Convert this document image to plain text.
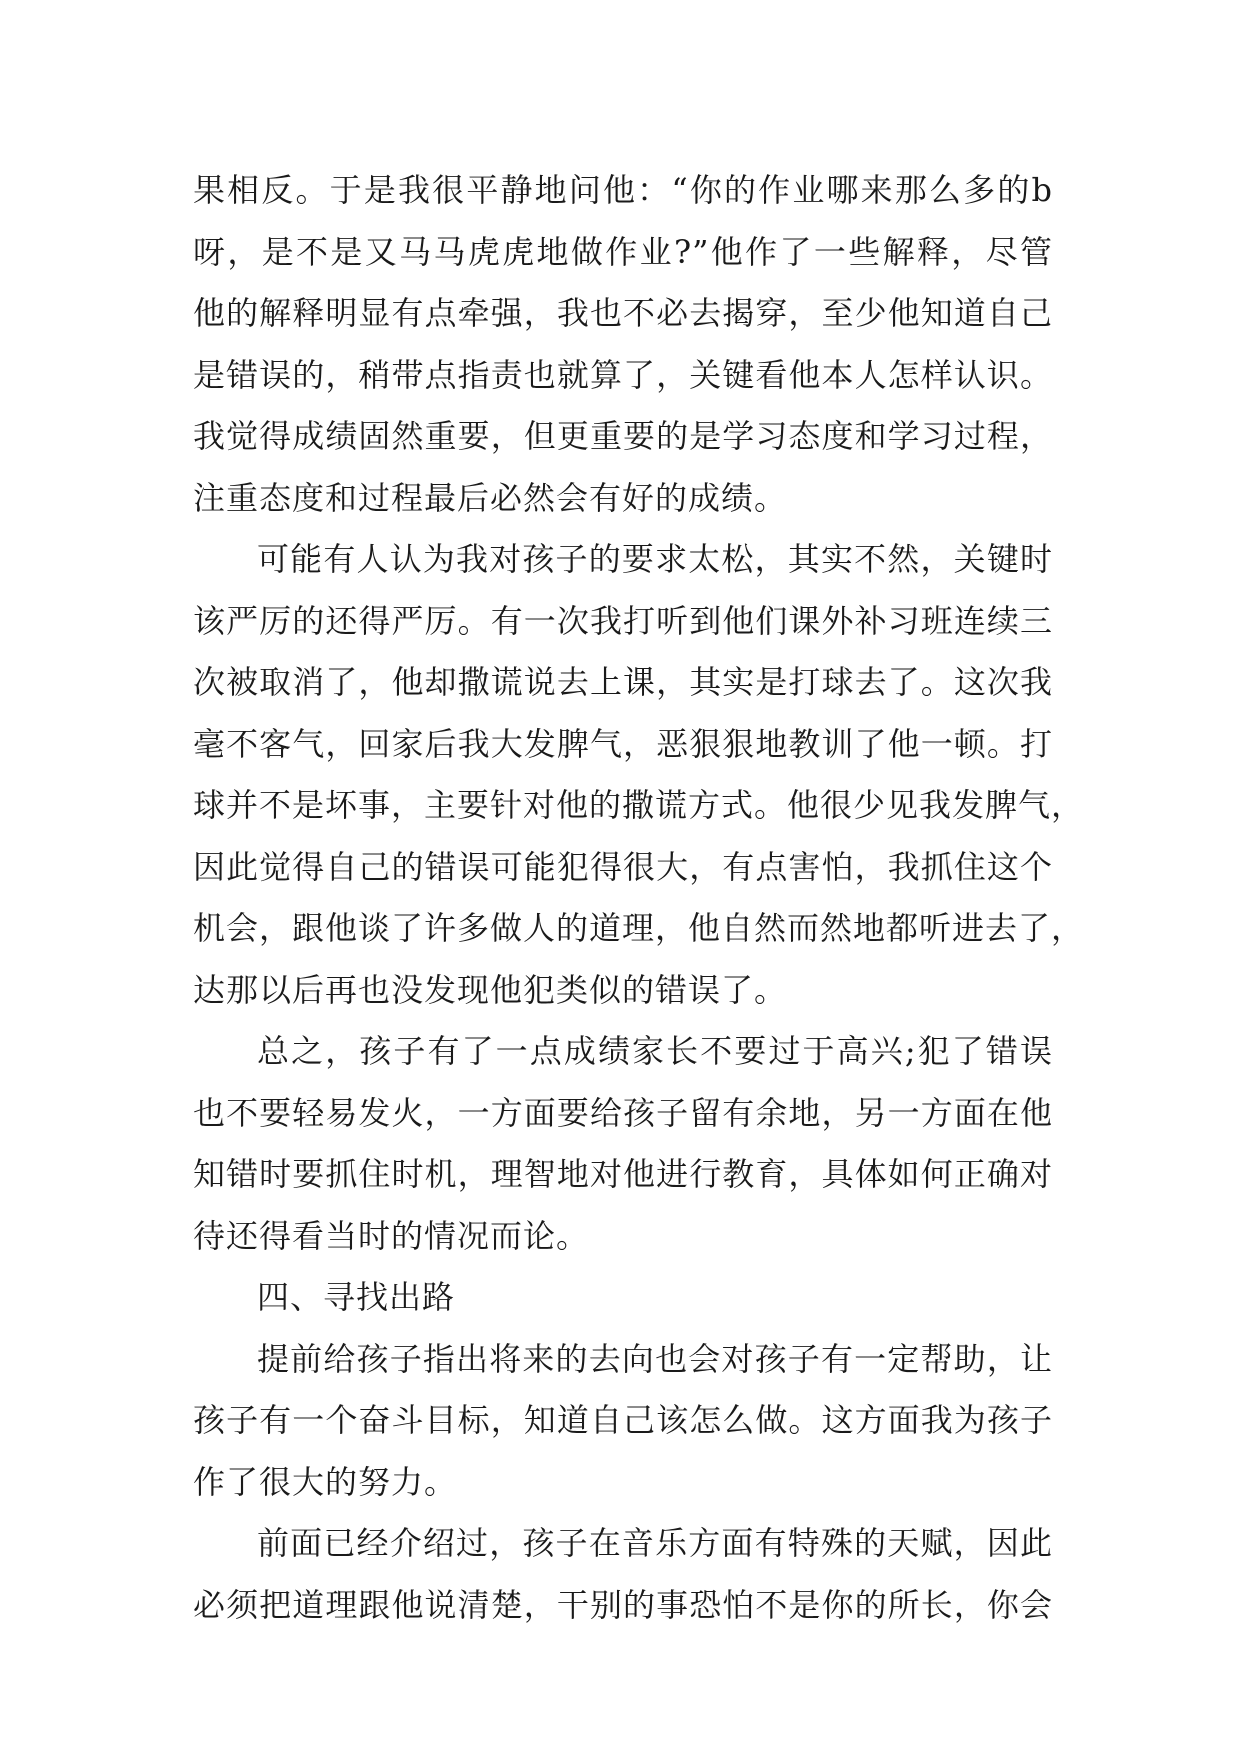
果相反。于是我很平静地问他：“你的作业哪来那么多的b
呀，是不是又马马虎虎地做作业?”他作了一些解释，尽管
他的解释明显有点牵强，我也不必去揭穿，至少他知道自己
是错误的，稍带点指责也就算了，关键看他本人怎样认识。
我觉得成绩固然重要，但更重要的是学习态度和学习过程，
注重态度和过程最后必然会有好的成绩。
可能有人认为我对孩子的要求太松，其实不然，关键时
该严厉的还得严厉。有一次我打听到他们课外补习班连续三
次被取消了，他却撒谎说去上课，其实是打球去了。这次我
毫不客气，回家后我大发脾气，恶狠狠地教训了他一顿。打
球并不是坏事，主要针对他的撒谎方式。他很少见我发脾气，
因此觉得自己的错误可能犯得很大，有点害怕，我抓住这个
机会，跟他谈了许多做人的道理，他自然而然地都听进去了，
达那以后再也没发现他犯类似的错误了。
总之，孩子有了一点成绩家长不要过于高兴;犯了错误
也不要轻易发火，一方面要给孩子留有余地，另一方面在他
知错时要抓住时机，理智地对他进行教育，具体如何正确对
待还得看当时的情况而论。
四、寻找出路
提前给孩子指出将来的去向也会对孩子有一定帮助，让
孩子有一个奋斗目标，知道自己该怎么做。这方面我为孩子
作了很大的努力。
前面已经介绍过，孩子在音乐方面有特殊的天赋，因此
必须把道理跟他说清楚，干别的事恐怕不是你的所长，你会
